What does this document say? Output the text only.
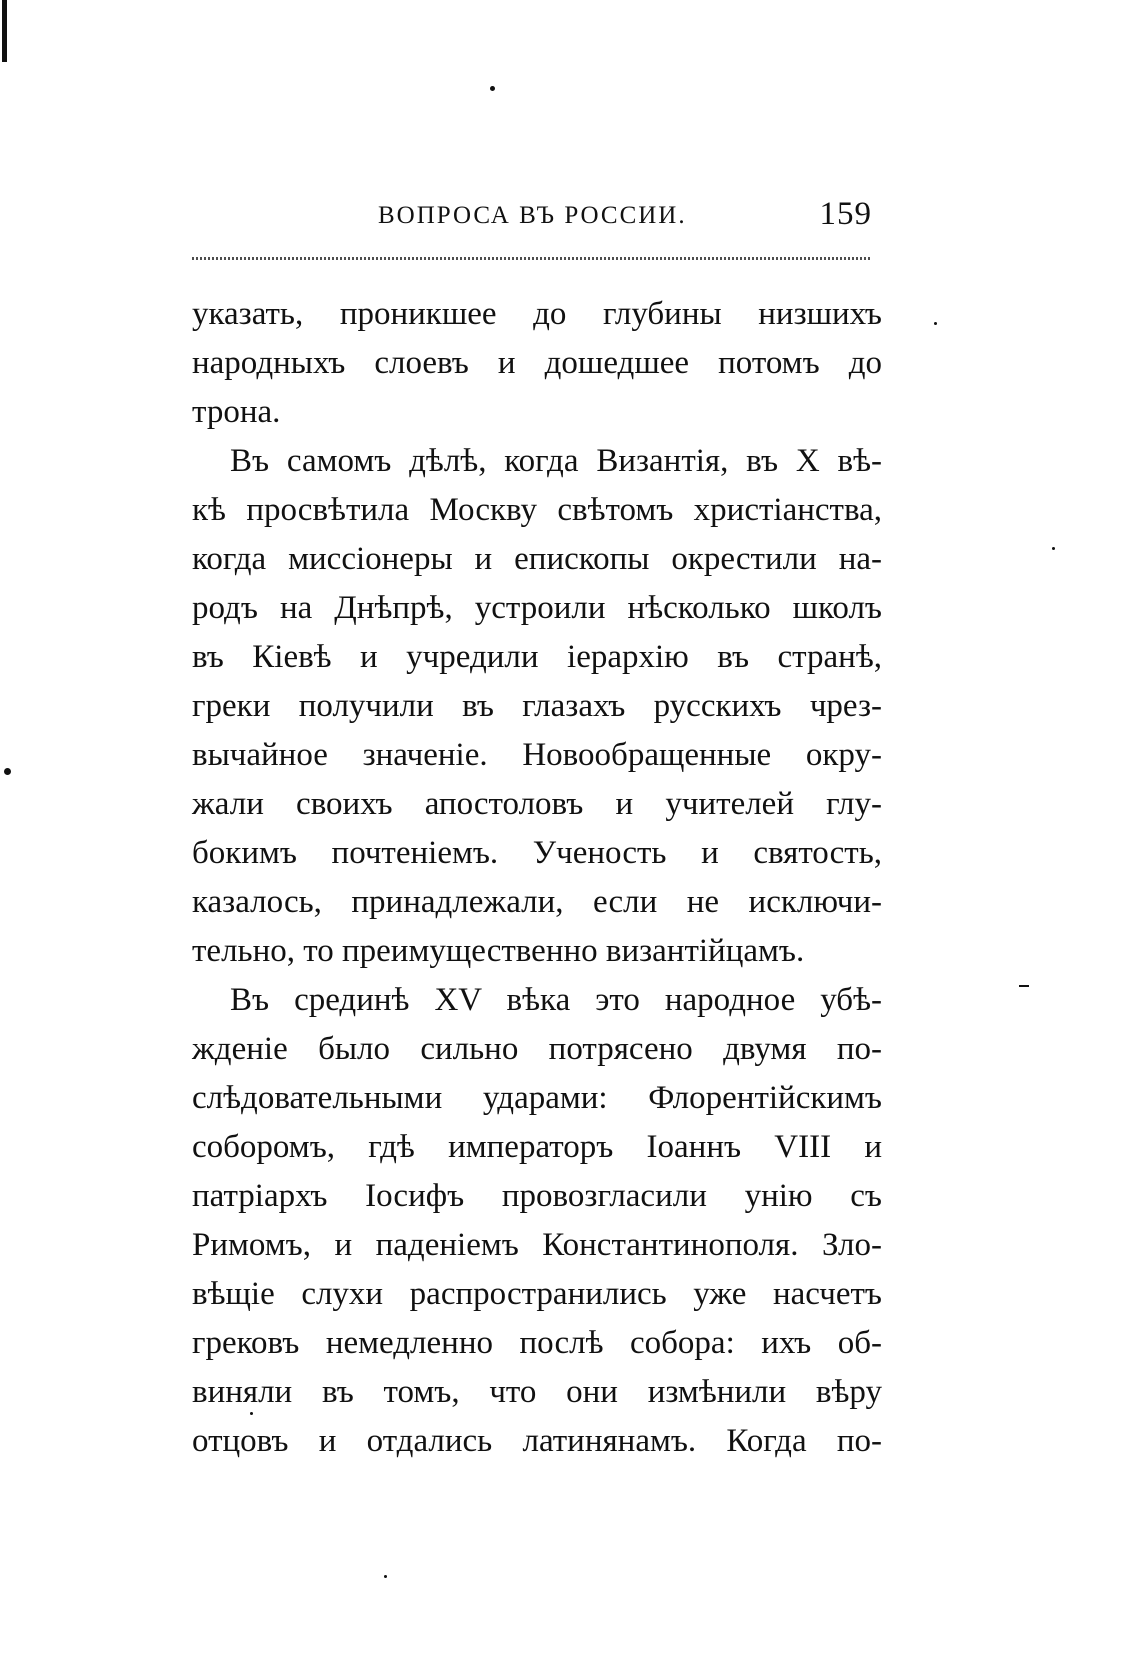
ВОПРОСА ВЪ РОССИИ.	159
указать, проникшее до глубины низшихъ
народныхъ слоевъ и дошедшее потомъ до
трона.
Въ самомъ дѣлѣ, когда Византія, въ X вѣ-
кѣ просвѣтила Москву свѣтомъ христіанства,
когда миссіонеры и епископы окрестили на-
родъ на Днѣпрѣ, устроили нѣсколько школъ
въ Кіевѣ и учредили іерархію въ странѣ,
греки получили въ глазахъ русскихъ чрез-
вычайное значеніе. Новообращенные окру-
жали своихъ апостоловъ и учителей глу-
бокимъ почтеніемъ. Ученость и святость,
казалось, принадлежали, если не исключи-
тельно, то преимущественно византійцамъ.
Въ срединѣ XV вѣка это народное убѣ-
жденіе было сильно потрясено двумя по-
слѣдовательными ударами: Флорентійскимъ
соборомъ, гдѣ императоръ Іоаннъ VIII и
патріархъ Іосифъ провозгласили унію съ
Римомъ, и паденіемъ Константинополя. Зло-
вѣщіе слухи распространились уже насчетъ
грековъ немедленно послѣ собора: ихъ об-
виняли въ томъ, что они измѣнили вѣру
отцовъ и отдались латинянамъ. Когда по-
